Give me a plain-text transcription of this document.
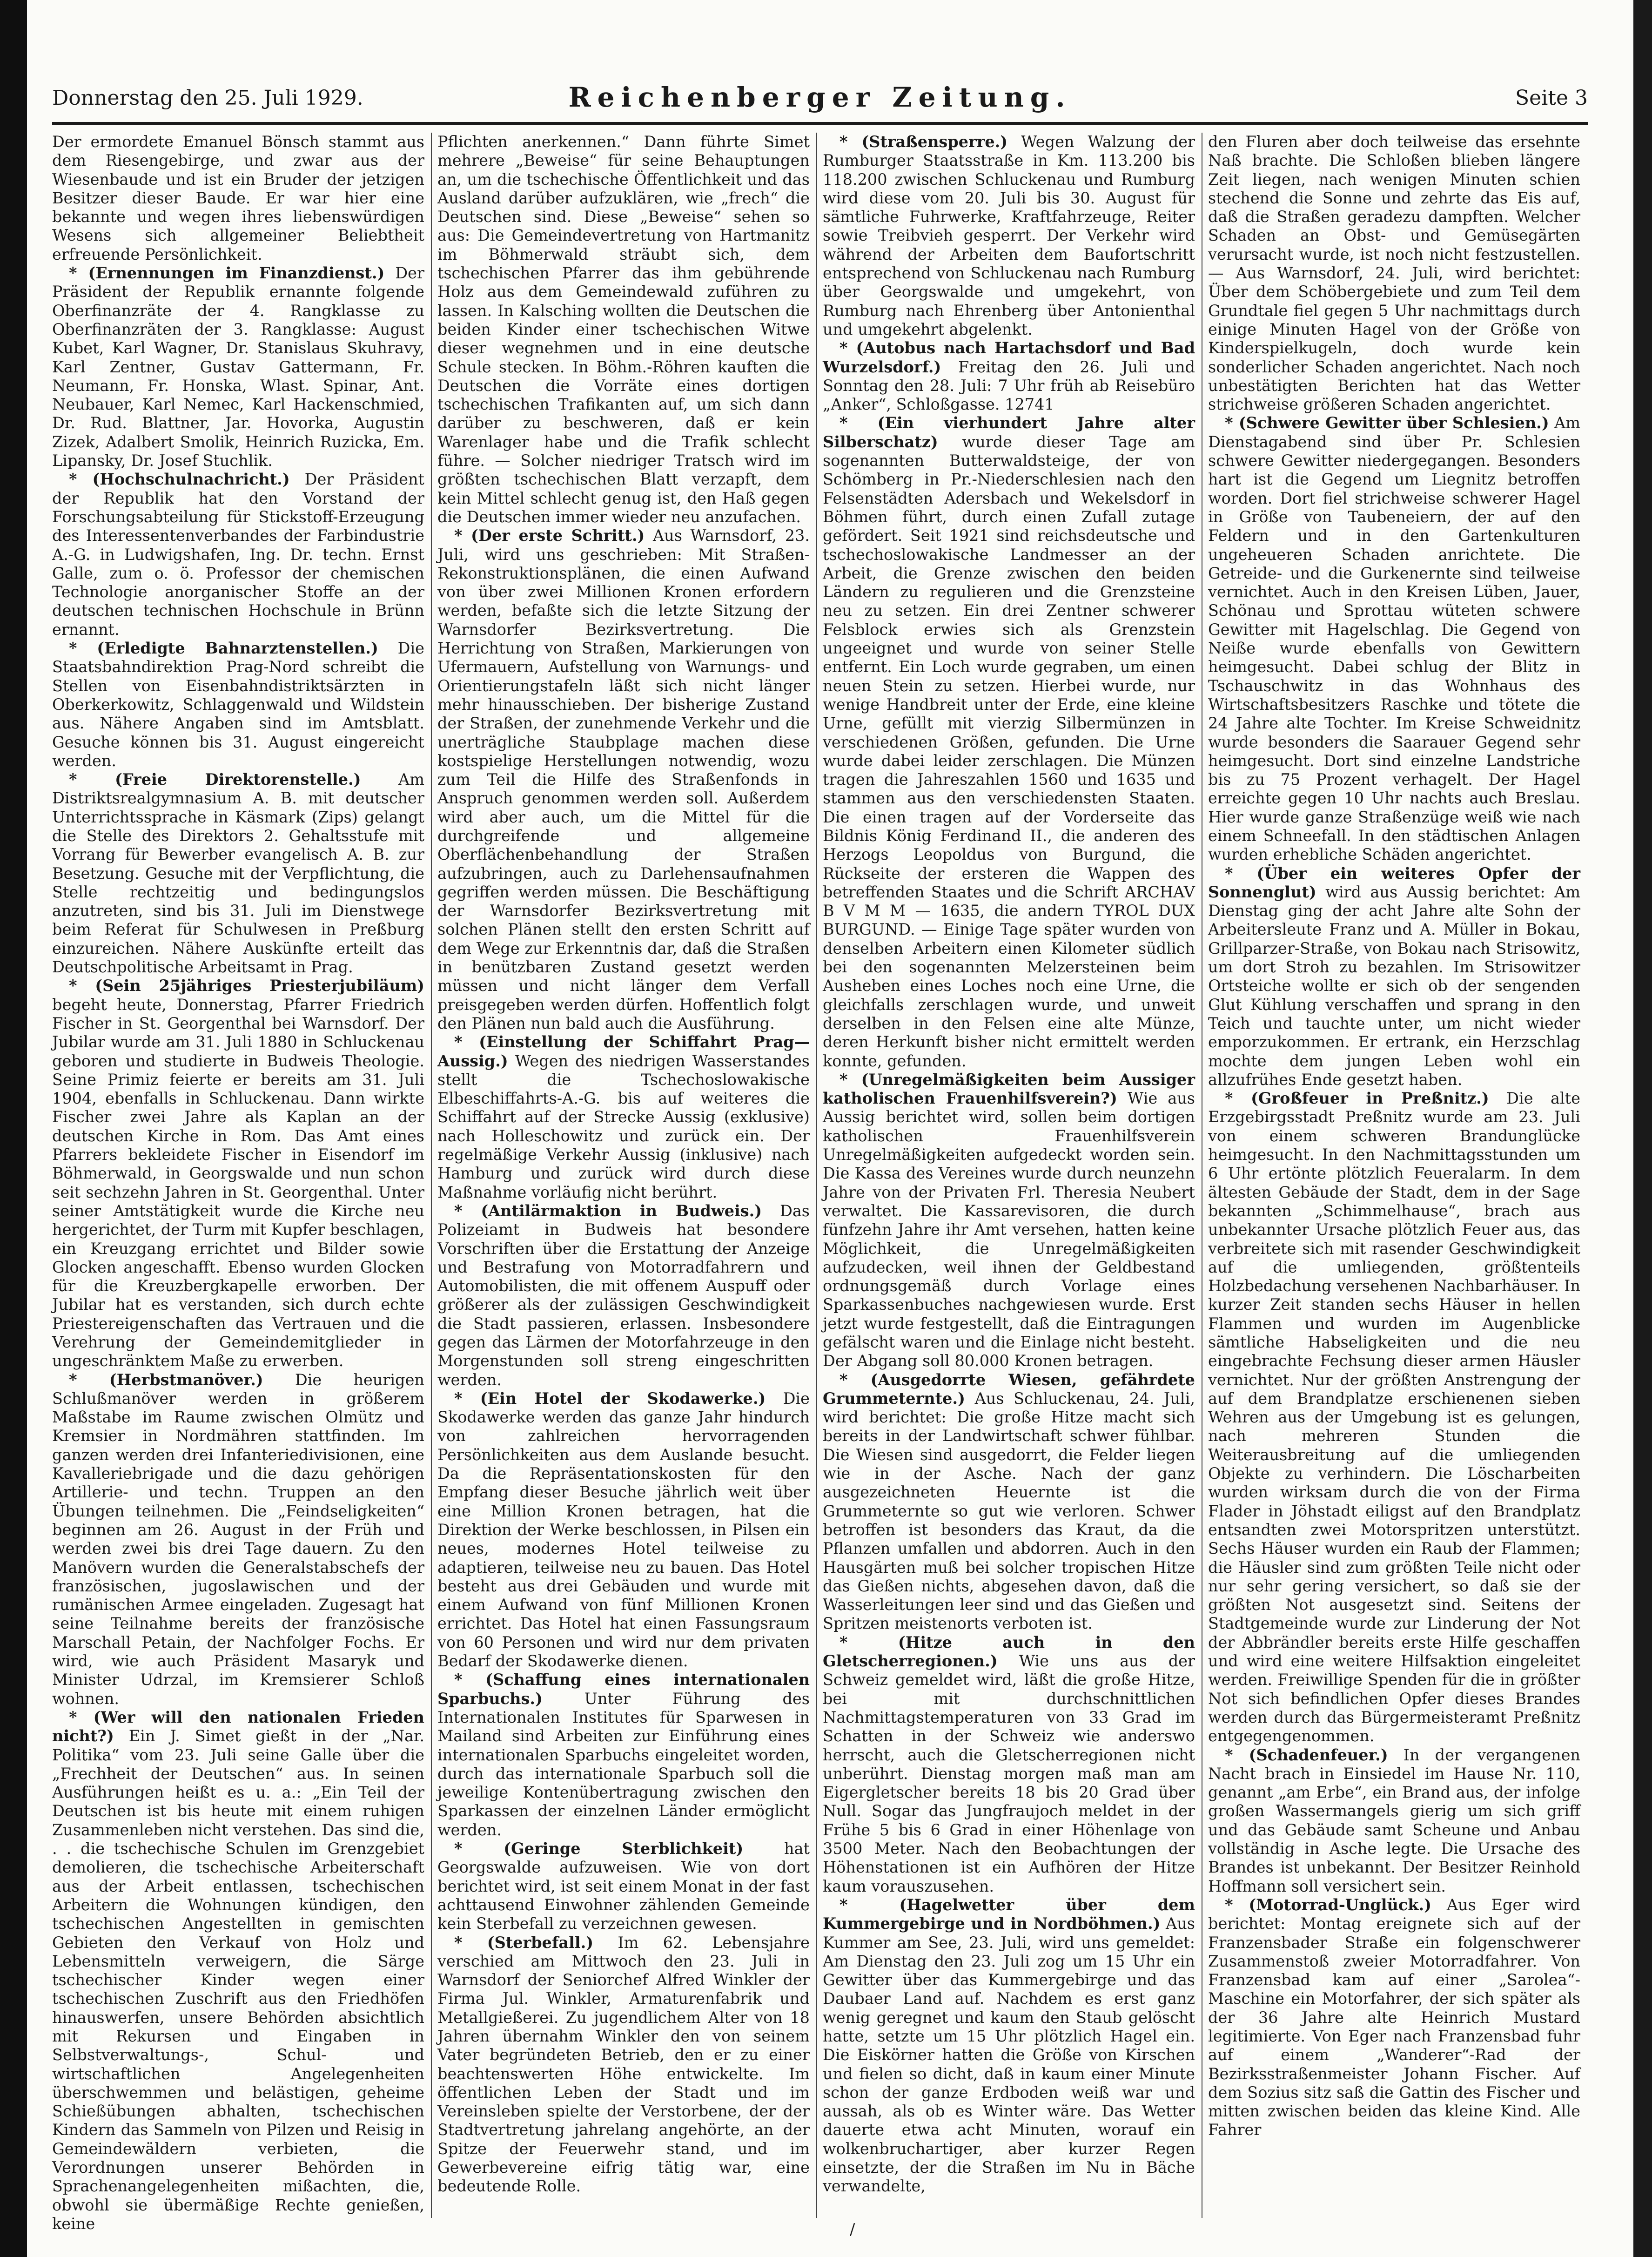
Donnerstag den 25. Juli 1929.	Reichenberger Zeitung.	Seite 3

Der ermordete Emanuel Bönsch stammt aus dem Riesengebirge, und zwar aus der Wiesenbaude und ist ein Bruder der jetzigen Besitzer dieser Baude. Er war hier eine bekannte und wegen ihres liebenswürdigen Wesens sich allgemeiner Beliebtheit erfreuende Persönlichkeit.

* (Ernennungen im Finanzdienst.) Der Präsident der Republik ernannte folgende Oberfinanzräte der 4. Rangklasse zu Oberfinanzräten der 3. Rangklasse: August Kubet, Karl Wagner, Dr. Stanislaus Skuhravy, Karl Zentner, Gustav Gattermann, Fr. Neumann, Fr. Honska, Wlast. Spinar, Ant. Neubauer, Karl Nemec, Karl Hackenschmied, Dr. Rud. Blattner, Jar. Hovorka, Augustin Zizek, Adalbert Smolik, Heinrich Ruzicka, Em. Lipansky, Dr. Josef Stuchlik.

* (Hochschulnachricht.) Der Präsident der Republik hat den Vorstand der Forschungsabteilung für Stickstoff-Erzeugung des Interessentenverbandes der Farbindustrie A.-G. in Ludwigshafen, Ing. Dr. techn. Ernst Galle, zum o. ö. Professor der chemischen Technologie anorganischer Stoffe an der deutschen technischen Hochschule in Brünn ernannt.

* (Erledigte Bahnarztenstellen.) Die Staatsbahndirektion Prag-Nord schreibt die Stellen von Eisenbahndistriktsärzten in Oberkerkowitz, Schlaggenwald und Wildstein aus. Nähere Angaben sind im Amtsblatt. Gesuche können bis 31. August eingereicht werden.

* (Freie Direktorenstelle.) Am Distriktsrealgymnasium A. B. mit deutscher Unterrichtssprache in Käsmark (Zips) gelangt die Stelle des Direktors 2. Gehaltsstufe mit Vorrang für Bewerber evangelisch A. B. zur Besetzung. Gesuche mit der Verpflichtung, die Stelle rechtzeitig und bedingungslos anzutreten, sind bis 31. Juli im Dienstwege beim Referat für Schulwesen in Preßburg einzureichen. Nähere Auskünfte erteilt das Deutschpolitische Arbeitsamt in Prag.

* (Sein 25jähriges Priesterjubiläum) begeht heute, Donnerstag, Pfarrer Friedrich Fischer in St. Georgenthal bei Warnsdorf. Der Jubilar wurde am 31. Juli 1880 in Schluckenau geboren und studierte in Budweis Theologie. Seine Primiz feierte er bereits am 31. Juli 1904, ebenfalls in Schluckenau. Dann wirkte Fischer zwei Jahre als Kaplan an der deutschen Kirche in Rom. Das Amt eines Pfarrers bekleidete Fischer in Eisendorf im Böhmerwald, in Georgswalde und nun schon seit sechzehn Jahren in St. Georgenthal. Unter seiner Amtstätigkeit wurde die Kirche neu hergerichtet, der Turm mit Kupfer beschlagen, ein Kreuzgang errichtet und Bilder sowie Glocken angeschafft. Ebenso wurden Glocken für die Kreuzbergkapelle erworben. Der Jubilar hat es verstanden, sich durch echte Priestereigenschaften das Vertrauen und die Verehrung der Gemeindemitglieder in ungeschränktem Maße zu erwerben.

* (Herbstmanöver.) Die heurigen Schlußmanöver werden in größerem Maßstabe im Raume zwischen Olmütz und Kremsier in Nordmähren stattfinden. Im ganzen werden drei Infanteriedivisionen, eine Kavalleriebrigade und die dazu gehörigen Artillerie- und techn. Truppen an den Übungen teilnehmen. Die „Feindseligkeiten“ beginnen am 26. August in der Früh und werden zwei bis drei Tage dauern. Zu den Manövern wurden die Generalstabschefs der französischen, jugoslawischen und der rumänischen Armee eingeladen. Zugesagt hat seine Teilnahme bereits der französische Marschall Petain, der Nachfolger Fochs. Er wird, wie auch Präsident Masaryk und Minister Udrzal, im Kremsierer Schloß wohnen.

* (Wer will den nationalen Frieden nicht?) Ein J. Simet gießt in der „Nar. Politika“ vom 23. Juli seine Galle über die „Frechheit der Deutschen“ aus. In seinen Ausführungen heißt es u. a.: „Ein Teil der Deutschen ist bis heute mit einem ruhigen Zusammenleben nicht verstehen. Das sind die, . . die tschechische Schulen im Grenzgebiet demolieren, die tschechische Arbeiterschaft aus der Arbeit entlassen, tschechischen Arbeitern die Wohnungen kündigen, den tschechischen Angestellten in gemischten Gebieten den Verkauf von Holz und Lebensmitteln verweigern, die Särge tschechischer Kinder wegen einer tschechischen Zuschrift aus den Friedhöfen hinauswerfen, unsere Behörden absichtlich mit Rekursen und Eingaben in Selbstverwaltungs-, Schul- und wirtschaftlichen Angelegenheiten überschwemmen und belästigen, geheime Schießübungen abhalten, tschechischen Kindern das Sammeln von Pilzen und Reisig in Gemeindewäldern verbieten, die Verordnungen unserer Behörden in Sprachenangelegenheiten mißachten, die, obwohl sie übermäßige Rechte genießen, keine

Pflichten anerkennen.“ Dann führte Simet mehrere „Beweise“ für seine Behauptungen an, um die tschechische Öffentlichkeit und das Ausland darüber aufzuklären, wie „frech“ die Deutschen sind. Diese „Beweise“ sehen so aus: Die Gemeindevertretung von Hartmanitz im Böhmerwald sträubt sich, dem tschechischen Pfarrer das ihm gebührende Holz aus dem Gemeindewald zuführen zu lassen. In Kalsching wollten die Deutschen die beiden Kinder einer tschechischen Witwe dieser wegnehmen und in eine deutsche Schule stecken. In Böhm.-Röhren kauften die Deutschen die Vorräte eines dortigen tschechischen Trafikanten auf, um sich dann darüber zu beschweren, daß er kein Warenlager habe und die Trafik schlecht führe. — Solcher niedriger Tratsch wird im größten tschechischen Blatt verzapft, dem kein Mittel schlecht genug ist, den Haß gegen die Deutschen immer wieder neu anzufachen.

* (Der erste Schritt.) Aus Warnsdorf, 23. Juli, wird uns geschrieben: Mit Straßen-Rekonstruktionsplänen, die einen Aufwand von über zwei Millionen Kronen erfordern werden, befaßte sich die letzte Sitzung der Warnsdorfer Bezirksvertretung. Die Herrichtung von Straßen, Markierungen von Ufermauern, Aufstellung von Warnungs- und Orientierungstafeln läßt sich nicht länger mehr hinausschieben. Der bisherige Zustand der Straßen, der zunehmende Verkehr und die unerträgliche Staubplage machen diese kostspielige Herstellungen notwendig, wozu zum Teil die Hilfe des Straßenfonds in Anspruch genommen werden soll. Außerdem wird aber auch, um die Mittel für die durchgreifende und allgemeine Oberflächenbehandlung der Straßen aufzubringen, auch zu Darlehensaufnahmen gegriffen werden müssen. Die Beschäftigung der Warnsdorfer Bezirksvertretung mit solchen Plänen stellt den ersten Schritt auf dem Wege zur Erkenntnis dar, daß die Straßen in benützbaren Zustand gesetzt werden müssen und nicht länger dem Verfall preisgegeben werden dürfen. Hoffentlich folgt den Plänen nun bald auch die Ausführung.

* (Einstellung der Schiffahrt Prag—Aussig.) Wegen des niedrigen Wasserstandes stellt die Tschechoslowakische Elbeschiffahrts-A.-G. bis auf weiteres die Schiffahrt auf der Strecke Aussig (exklusive) nach Holleschowitz und zurück ein. Der regelmäßige Verkehr Aussig (inklusive) nach Hamburg und zurück wird durch diese Maßnahme vorläufig nicht berührt.

* (Antilärmaktion in Budweis.) Das Polizeiamt in Budweis hat besondere Vorschriften über die Erstattung der Anzeige und Bestrafung von Motorradfahrern und Automobilisten, die mit offenem Auspuff oder größerer als der zulässigen Geschwindigkeit die Stadt passieren, erlassen. Insbesondere gegen das Lärmen der Motorfahrzeuge in den Morgenstunden soll streng eingeschritten werden.

* (Ein Hotel der Skodawerke.) Die Skodawerke werden das ganze Jahr hindurch von zahlreichen hervorragenden Persönlichkeiten aus dem Auslande besucht. Da die Repräsentationskosten für den Empfang dieser Besuche jährlich weit über eine Million Kronen betragen, hat die Direktion der Werke beschlossen, in Pilsen ein neues, modernes Hotel teilweise zu adaptieren, teilweise neu zu bauen. Das Hotel besteht aus drei Gebäuden und wurde mit einem Aufwand von fünf Millionen Kronen errichtet. Das Hotel hat einen Fassungsraum von 60 Personen und wird nur dem privaten Bedarf der Skodawerke dienen.

* (Schaffung eines internationalen Sparbuchs.)	Unter Führung des Internationalen Institutes für Sparwesen in Mailand sind Arbeiten zur Einführung eines internationalen Sparbuchs eingeleitet worden, durch das internationale Sparbuch soll die jeweilige Kontenübertragung zwischen den Sparkassen der einzelnen Länder ermöglicht werden.

* (Geringe Sterblichkeit)	hat Georgswalde aufzuweisen. Wie von dort berichtet wird, ist seit einem Monat in der fast achttausend Einwohner zählenden Gemeinde kein Sterbefall zu verzeichnen gewesen.

* (Sterbefall.) Im 62. Lebensjahre verschied am Mittwoch den 23. Juli in Warnsdorf der Seniorchef Alfred Winkler der Firma Jul. Winkler, Armaturenfabrik und Metallgießerei. Zu jugendlichem Alter von 18 Jahren übernahm Winkler den von seinem Vater begründeten Betrieb, den er zu einer beachtenswerten Höhe entwickelte. Im öffentlichen Leben der Stadt und im Vereinsleben spielte der Verstorbene, der der Stadtvertretung jahrelang angehörte, an der Spitze der Feuerwehr stand, und im Gewerbevereine eifrig tätig war, eine bedeutende Rolle.

* (Straßensperre.) Wegen Walzung der Rumburger Staatsstraße in Km. 113.200 bis 118.200 zwischen Schluckenau und Rumburg wird diese vom 20. Juli bis 30. August für sämtliche Fuhrwerke, Kraftfahrzeuge, Reiter sowie Treibvieh gesperrt. Der Verkehr wird während der Arbeiten dem Baufortschritt entsprechend von Schluckenau nach Rumburg über Georgswalde und umgekehrt, von Rumburg nach Ehrenberg über Antonienthal und umgekehrt abgelenkt.

* (Autobus nach Hartachsdorf und Bad Wurzelsdorf.) Freitag den 26. Juli und Sonntag den 28. Juli: 7 Uhr früh ab Reisebüro „Anker“, Schloßgasse. 12741

* (Ein vierhundert Jahre alter Silberschatz) wurde dieser Tage am sogenannten Butterwaldsteige, der von Schömberg in Pr.-Niederschlesien nach den Felsenstädten Adersbach und Wekelsdorf in Böhmen führt, durch einen Zufall zutage gefördert. Seit 1921 sind reichsdeutsche und tschechoslowakische Landmesser an der Arbeit, die Grenze zwischen den beiden Ländern zu regulieren und die Grenzsteine neu zu setzen. Ein drei Zentner schwerer Felsblock erwies sich als Grenzstein ungeeignet und wurde von seiner Stelle entfernt. Ein Loch wurde gegraben, um einen neuen Stein zu setzen. Hierbei wurde, nur wenige Handbreit unter der Erde, eine kleine Urne, gefüllt mit vierzig Silbermünzen in verschiedenen Größen, gefunden. Die Urne wurde dabei leider zerschlagen. Die Münzen tragen die Jahreszahlen 1560 und 1635 und stammen aus den verschiedensten Staaten. Die einen tragen auf der Vorderseite das Bildnis König Ferdinand II., die anderen des Herzogs Leopoldus von Burgund, die Rückseite der ersteren die Wappen des betreffenden Staates und die Schrift ARCHAV B V M M — 1635, die andern TYROL DUX BURGUND. — Einige Tage später wurden von denselben Arbeitern einen Kilometer südlich bei den sogenannten Melzersteinen beim Ausheben eines Loches noch eine Urne, die gleichfalls zerschlagen wurde, und unweit derselben in den Felsen eine alte Münze, deren Herkunft bisher nicht ermittelt werden konnte, gefunden.

* (Unregelmäßigkeiten beim Aussiger katholischen Frauenhilfsverein?) Wie aus Aussig berichtet wird, sollen beim dortigen katholischen Frauenhilfsverein Unregelmäßigkeiten aufgedeckt worden sein. Die Kassa des Vereines wurde durch neunzehn Jahre von der Privaten Frl. Theresia Neubert verwaltet. Die Kassarevisoren, die durch fünfzehn Jahre ihr Amt versehen, hatten keine Möglichkeit, die Unregelmäßigkeiten aufzudecken, weil ihnen der Geldbestand ordnungsgemäß durch Vorlage eines Sparkassenbuches nachgewiesen wurde. Erst jetzt wurde festgestellt, daß die Eintragungen gefälscht waren und die Einlage nicht besteht. Der Abgang soll 80.000 Kronen betragen.

* (Ausgedorrte Wiesen, gefährdete Grummeternte.) Aus Schluckenau, 24. Juli, wird berichtet: Die große Hitze macht sich bereits in der Landwirtschaft schwer fühlbar. Die Wiesen sind ausgedorrt, die Felder liegen wie in der Asche. Nach der ganz ausgezeichneten Heuernte ist die Grummeternte so gut wie verloren. Schwer betroffen ist besonders das Kraut, da die Pflanzen umfallen und abdorren. Auch in den Hausgärten muß bei solcher tropischen Hitze das Gießen nichts, abgesehen davon, daß die Wasserleitungen leer sind und das Gießen und Spritzen meistenorts verboten ist.

* (Hitze auch in den Gletscherregionen.) Wie uns aus der Schweiz gemeldet wird, läßt die große Hitze, bei mit durchschnittlichen Nachmittagstemperaturen von 33 Grad im Schatten in der Schweiz wie anderswo herrscht, auch die Gletscherregionen nicht unberührt. Dienstag morgen maß man am Eigergletscher bereits 18 bis 20 Grad über Null. Sogar das Jungfraujoch meldet in der Frühe 5 bis 6 Grad in einer Höhenlage von 3500 Meter. Nach den Beobachtungen der Höhenstationen ist ein Aufhören der Hitze kaum vorauszusehen.

* (Hagelwetter über dem Kummergebirge und in Nordböhmen.) Aus Kummer am See, 23. Juli, wird uns gemeldet: Am Dienstag den 23. Juli zog um 15 Uhr ein Gewitter über das Kummergebirge und das Daubaer Land auf. Nachdem es erst ganz wenig geregnet und kaum den Staub gelöscht hatte, setzte um 15 Uhr plötzlich Hagel ein. Die Eiskörner hatten die Größe von Kirschen und fielen so dicht, daß in kaum einer Minute schon der ganze Erdboden weiß war und aussah, als ob es Winter wäre. Das Wetter dauerte etwa acht Minuten, worauf ein wolkenbruchartiger, aber kurzer Regen einsetzte, der die Straßen im Nu in Bäche verwandelte,

den Fluren aber doch teilweise das ersehnte Naß brachte. Die Schloßen blieben längere Zeit liegen, nach wenigen Minuten schien stechend die Sonne und zehrte das Eis auf, daß die Straßen geradezu dampften. Welcher Schaden an Obst- und Gemüsegärten verursacht wurde, ist noch nicht festzustellen. — Aus Warnsdorf, 24. Juli, wird berichtet: Über dem Schöbergebiete und zum Teil dem Grundtale fiel gegen 5 Uhr nachmittags durch einige Minuten Hagel von der Größe von Kinderspielkugeln, doch wurde kein sonderlicher Schaden angerichtet. Nach noch unbestätigten Berichten hat das Wetter strichweise größeren Schaden angerichtet.

* (Schwere Gewitter über Schlesien.) Am Dienstagabend sind über Pr. Schlesien schwere Gewitter niedergegangen. Besonders hart ist die Gegend um Liegnitz betroffen worden. Dort fiel strichweise schwerer Hagel in Größe von Taubeneiern, der auf den Feldern und in den Gartenkulturen ungeheueren Schaden anrichtete. Die Getreide- und die Gurkenernte sind teilweise vernichtet. Auch in den Kreisen Lüben, Jauer, Schönau und Sprottau wüteten schwere Gewitter mit Hagelschlag. Die Gegend von Neiße wurde ebenfalls von Gewittern heimgesucht. Dabei schlug der Blitz in Tschauschwitz in das Wohnhaus des Wirtschaftsbesitzers Raschke und tötete die 24 Jahre alte Tochter. Im Kreise Schweidnitz wurde besonders die Saarauer Gegend sehr heimgesucht. Dort sind einzelne Landstriche bis zu 75 Prozent verhagelt. Der Hagel erreichte gegen 10 Uhr nachts auch Breslau. Hier wurde ganze Straßenzüge weiß wie nach einem Schneefall. In den städtischen Anlagen wurden erhebliche Schäden angerichtet.

* (Über ein weiteres Opfer der Sonnenglut) wird aus Aussig berichtet: Am Dienstag ging der acht Jahre alte Sohn der Arbeitersleute Franz und A. Müller in Bokau, Grillparzer-Straße, von Bokau nach Strisowitz, um dort Stroh zu bezahlen. Im Strisowitzer Ortsteiche wollte er sich ob der sengenden Glut Kühlung verschaffen und sprang in den Teich und tauchte unter, um nicht wieder emporzukommen. Er ertrank, ein Herzschlag mochte dem jungen Leben wohl ein allzufrühes Ende gesetzt haben.

* (Großfeuer in Preßnitz.) Die alte Erzgebirgsstadt Preßnitz wurde am 23. Juli von einem schweren Brandunglücke heimgesucht. In den Nachmittagsstunden um 6 Uhr ertönte plötzlich Feueralarm. In dem ältesten Gebäude der Stadt, dem in der Sage bekannten „Schimmelhause“, brach aus unbekannter Ursache plötzlich Feuer aus, das verbreitete sich mit rasender Geschwindigkeit auf die umliegenden, größtenteils Holzbedachung versehenen Nachbarhäuser. In kurzer Zeit standen sechs Häuser in hellen Flammen und wurden im Augenblicke sämtliche Habseligkeiten und die neu eingebrachte Fechsung dieser armen Häusler vernichtet. Nur der größten Anstrengung der auf dem Brandplatze erschienenen sieben Wehren aus der Umgebung ist es gelungen, nach mehreren Stunden die Weiterausbreitung auf die umliegenden Objekte zu verhindern. Die Löscharbeiten wurden wirksam durch die von der Firma Flader in Jöhstadt eiligst auf den Brandplatz entsandten zwei Motorspritzen unterstützt. Sechs Häuser wurden ein Raub der Flammen; die Häusler sind zum größten Teile nicht oder nur sehr gering versichert, so daß sie der größten Not ausgesetzt sind. Seitens der Stadtgemeinde wurde zur Linderung der Not der Abbrändler bereits erste Hilfe geschaffen und wird eine weitere Hilfsaktion eingeleitet werden. Freiwillige Spenden für die in größter Not sich befindlichen Opfer dieses Brandes werden durch das Bürgermeisteramt Preßnitz entgegengenommen.

* (Schadenfeuer.) In der vergangenen Nacht brach in Einsiedel im Hause Nr. 110, genannt „am Erbe“, ein Brand aus, der infolge großen Wassermangels gierig um sich griff und das Gebäude samt Scheune und Anbau vollständig in Asche legte. Die Ursache des Brandes ist unbekannt. Der Besitzer Reinhold Hoffmann soll versichert sein.

* (Motorrad-Unglück.) Aus Eger wird berichtet: Montag ereignete sich auf der Franzensbader Straße ein folgenschwerer Zusammenstoß zweier Motorradfahrer. Von Franzensbad kam auf einer „Sarolea“-Maschine ein Motorfahrer, der sich später als der 36 Jahre alte Heinrich Mustard legitimierte. Von Eger nach Franzensbad fuhr auf einem „Wanderer“-Rad der Bezirksstraßenmeister Johann Fischer. Auf dem Sozius sitz saß die Gattin des Fischer und mitten zwischen beiden das kleine Kind. Alle Fahrer

/
